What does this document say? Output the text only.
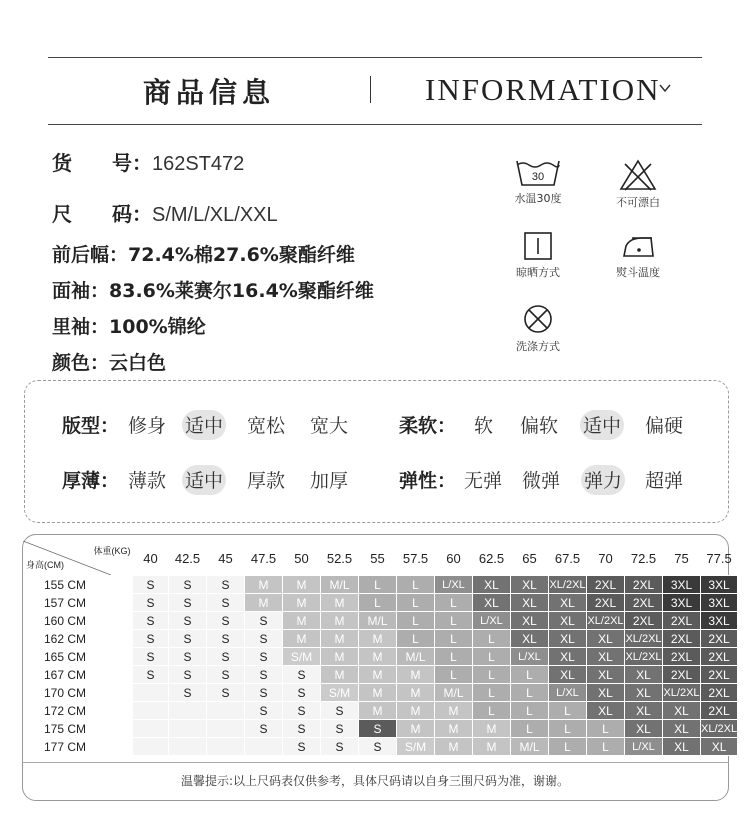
商品信息	INFORMATION
货　　号：162ST472
尺　　码：S/M/L/XL/XXL
前后幅：72.4%棉27.6%聚酯纤维
面袖：83.6%莱赛尔16.4%聚酯纤维
里袖：100%锦纶
颜色：云白色
30
水温30度	不可漂白
晾晒方式	熨斗温度
洗涤方式
版型： 修身 适中 宽松 宽大	柔软： 软 偏软 适中 偏硬
厚薄： 薄款 适中 厚款 加厚	弹性： 无弹 微弹 弹力 超弹
体重(KG)
身高(CM)	40	42.5	45	47.5	50	52.5	55	57.5	60	62.5	65	67.5	70	72.5	75	77.5
155 CM	S	S	S	M	M	M/L	L	L	L/XL	XL	XL	XL/2XL	2XL	2XL	3XL	3XL
157 CM	S	S	S	M	M	M	L	L	L	XL	XL	XL	2XL	2XL	3XL	3XL
160 CM	S	S	S	S	M	M	M/L	L	L	L/XL	XL	XL	XL/2XL	2XL	2XL	3XL
162 CM	S	S	S	S	M	M	M	L	L	L	XL	XL	XL	XL/2XL	2XL	2XL
165 CM	S	S	S	S	S/M	M	M	M/L	L	L	L/XL	XL	XL	XL/2XL	2XL	2XL
167 CM	S	S	S	S	S	M	M	M	L	L	L	XL	XL	XL	2XL	2XL
170 CM		S	S	S	S	S/M	M	M	M/L	L	L	L/XL	XL	XL	XL/2XL	2XL
172 CM				S	S	S	M	M	M	L	L	L	XL	XL	XL	2XL
175 CM				S	S	S	S	M	M	M	L	L	L	XL	XL	XL/2XL
177 CM					S	S	S	S/M	M	M	M/L	L	L	L/XL	XL	XL
温馨提示:以上尺码表仅供参考，具体尺码请以自身三围尺码为准，谢谢。
